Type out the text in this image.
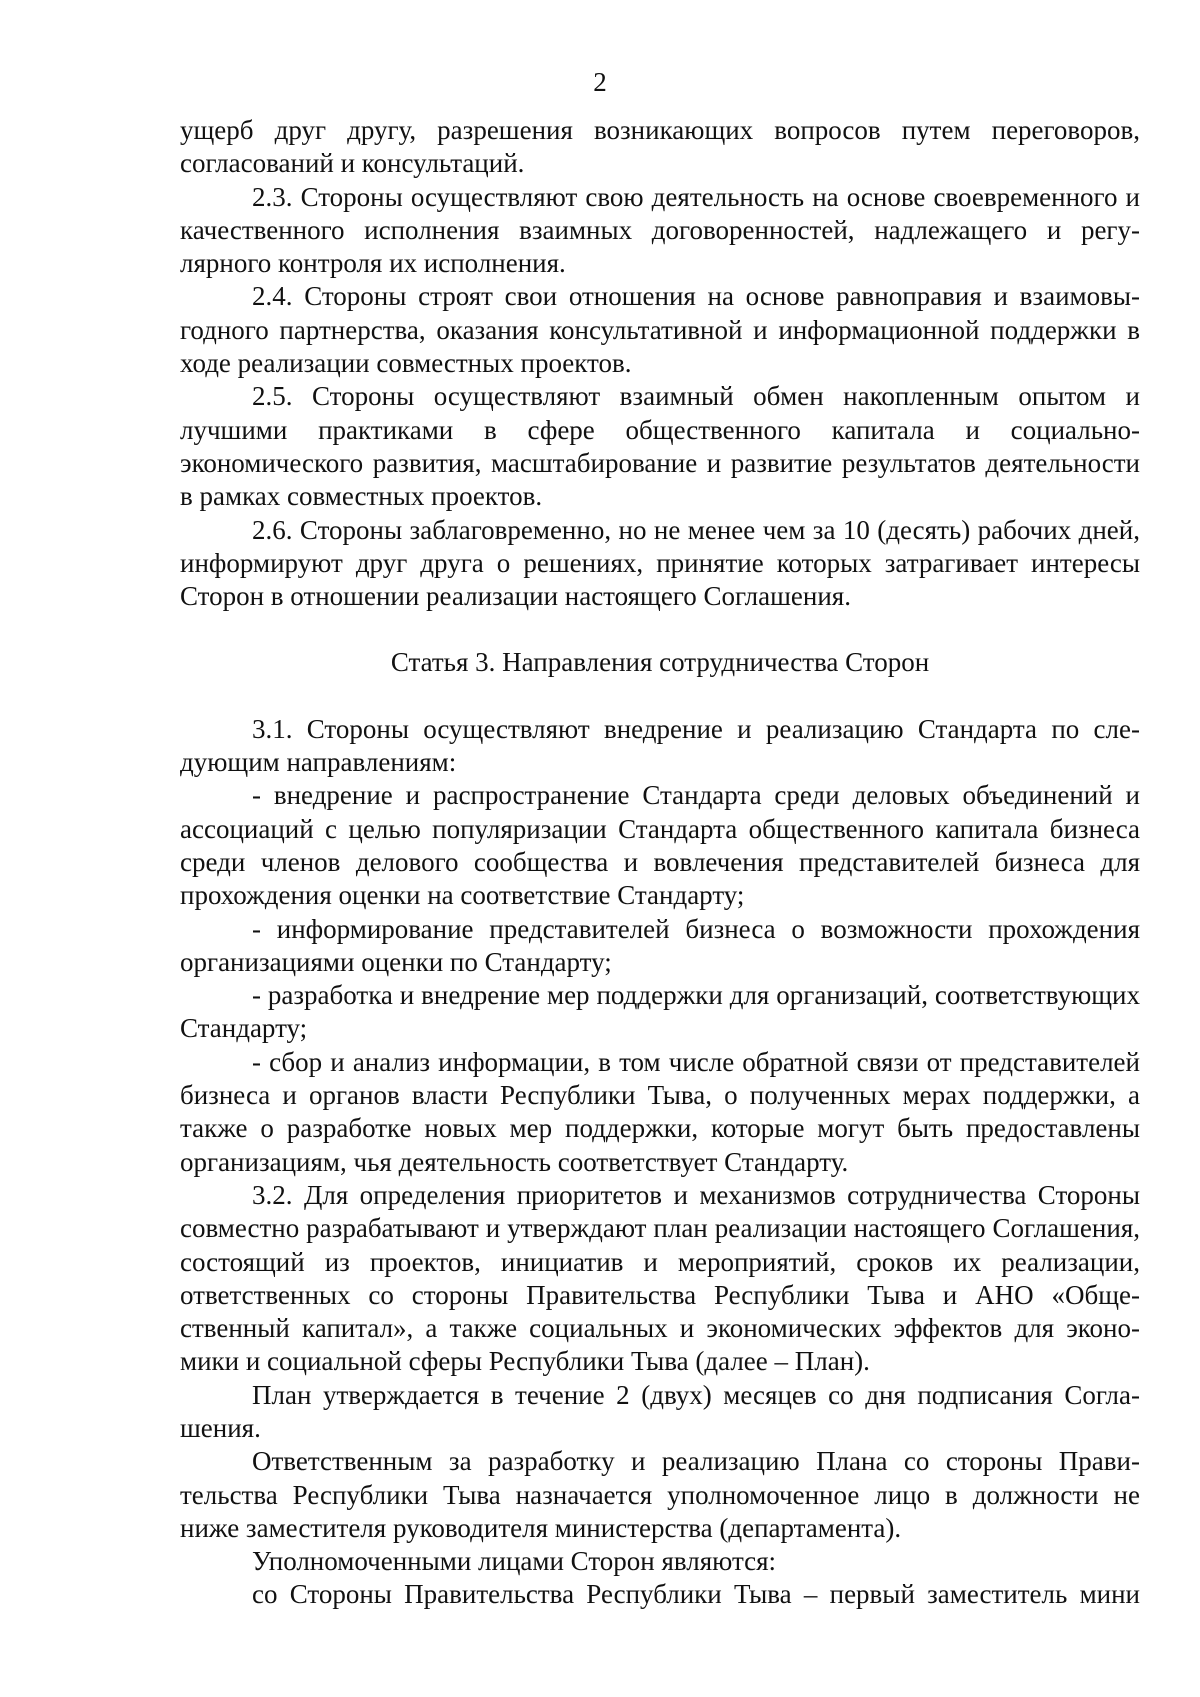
2

ущерб друг другу, разрешения возникающих вопросов путем переговоров, согласований и консультаций.

2.3. Стороны осуществляют свою деятельность на основе своевременного и качественного исполнения взаимных договоренностей, надлежащего и регулярного контроля их исполнения.

2.4. Стороны строят свои отношения на основе равноправия и взаимовыгодного партнерства, оказания консультативной и информационной поддержки в ходе реализации совместных проектов.

2.5. Стороны осуществляют взаимный обмен накопленным опытом и лучшими практиками в сфере общественного капитала и социально-экономического развития, масштабирование и развитие результатов деятельности в рамках совместных проектов.

2.6. Стороны заблаговременно, но не менее чем за 10 (десять) рабочих дней, информируют друг друга о решениях, принятие которых затрагивает интересы Сторон в отношении реализации настоящего Соглашения.

Статья 3. Направления сотрудничества Сторон

3.1. Стороны осуществляют внедрение и реализацию Стандарта по следующим направлениям:

- внедрение и распространение Стандарта среди деловых объединений и ассоциаций с целью популяризации Стандарта общественного капитала бизнеса среди членов делового сообщества и вовлечения представителей бизнеса для прохождения оценки на соответствие Стандарту;

- информирование представителей бизнеса о возможности прохождения организациями оценки по Стандарту;

- разработка и внедрение мер поддержки для организаций, соответствующих Стандарту;

- сбор и анализ информации, в том числе обратной связи от представителей бизнеса и органов власти Республики Тыва, о полученных мерах поддержки, а также о разработке новых мер поддержки, которые могут быть предоставлены организациям, чья деятельность соответствует Стандарту.

3.2. Для определения приоритетов и механизмов сотрудничества Стороны совместно разрабатывают и утверждают план реализации настоящего Соглашения, состоящий из проектов, инициатив и мероприятий, сроков их реализации, ответственных со стороны Правительства Республики Тыва и АНО «Общественный капитал», а также социальных и экономических эффектов для экономики и социальной сферы Республики Тыва (далее – План).

План утверждается в течение 2 (двух) месяцев со дня подписания Соглашения.

Ответственным за разработку и реализацию Плана со стороны Правительства Республики Тыва назначается уполномоченное лицо в должности не ниже заместителя руководителя министерства (департамента).

Уполномоченными лицами Сторон являются:

со Стороны Правительства Республики Тыва – первый заместитель мини
